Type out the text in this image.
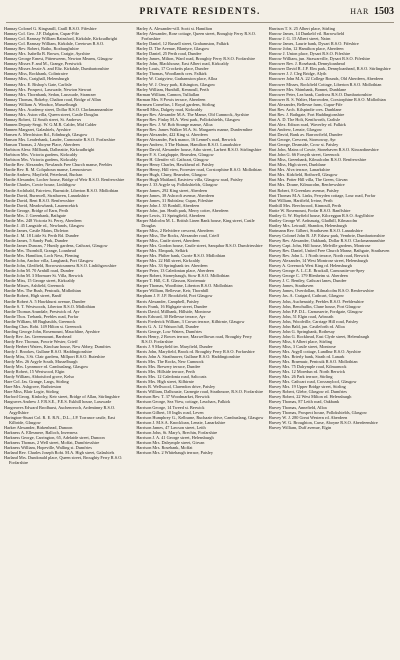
PRIVATE RESIDENTS.	HAR 1503

Hannay Colonel G. Kingsmill, Craill R.S.O. Fifeshire

Hannay Col. Geo. J.F. Dalgairn, Cupar-Fife

Hannay Col. Ramsay William Rainsford, Kirkdale, Kirkcudbright

Hannay Col. Ramsay William, Kirkdale, Creetown R.S.O.

Hannay Rev. Robert, Ratho, Roxburghshire

Hannay Mrs. Isabella B. Brown, Craigie, Ayrshire

Hannay George Ernest, Pittenweem, Newton Mearns, Glasgow

Hannay Misses F. and M., Grange, Prestwick

Hannay Misses Jessie A. and Eliz. Kirkdale, Dumbartonshire

Hannay Miss, Rockbank, Colintraive

Hannay Miss, Craighall, Helensburgh

Hannay Mrs. E. Bishop's Gate, Carlisle

Hannay Mrs. Prospect, Lasswade, Newton Stewart

Hannay Mrs. Thornbank, Sedan, Lasswade, Stranraer

Hannay Thomas, Rokeby, Chalton road, Bridge of Allan

Hannay William A. Windsor, Musselburgh

Hannay Mrs. Academy street, Dollar R.S.O. Clackmannanshire

Hannay Mrs. Aston villa, Queen street, Castle Douglas

Hannay Robert, 12 South street, St. Andrews

Hannen Deputy-Sergt. W. G.M.R. Calder, Mid Calder

Hannen Margaret, Galashiels, Ayrshire

Hansen A. Merchiston Rd., Edinburgh, Glasgow

Hanson Mrs. Leaderbank, Lauder, Carnoustie R.S.O. Forfarshire

Hanson Thomas, 2 Aboyne Place, Aberdeen

Harbison Alexr. Millbank, Dalbeattie, Kirkcudbright

Harbison Mrs. Victoria gardens, Kirkcaldy

Harbison Mrs. Victoria gardens, Kirkcaldy

Hardie Rev. Alexander, Newlands Free Church manse, Peebles

Hardie Rev. R. M. Colquhoun manse, Lennoxtown

Hardie Andrew, Mayfield, Peterhead, Buchan

Hardie Alexander, Locher house, Bridge of Weir R.S.O. Renfrewshire

Hardie Charles, Cowie house, Linlithgow

Hardie Archibald, Fairview, Burnside, Liberton R.S.O. Midlothian

Hardie David, Burnwell, Strathaven, Lanarkshire

Hardie David, Bent R.S.O. Renfrewshire

Hardie David, Meadowbank, Laurencekirk

Hardie George, Bridge of Earn, Perth

Hardie Mrs. J. Greenbank, Bathgate

Hardie Mrs. 248 Victoria St. Perry, Aberdeen

Hardie J. 45 Langside rd., Newlands, Glasgow

Hardie James, Castle Mains, Dirleton

Hardie J. M. 18 Little St. Perth Rd. Dundee

Hardie James, 5 Sandy Park, Dundee

Hardie James Duncan, 7 Huntly gardens, Cathcart, Glasgow

Hardie Mrs. Thornhill, Grange, Loanhead

Hardie Mrs. Hamilton, Loch Ness, Fleming

Hardie John, Anchor villa, Langbank, Port Glasgow

Hardie John, Gledfield, Borrowstounness R.S.O. Linlithgowshire

Hardie John M. 70 Arnhill road, Dundee

Hardie John M. 3 Mormaer St. Villa, Berwick

Hardie Miss, 15 George street, Kirkcaldy

Hardie Misses, Ashfield, Greenock

Hardie Mrs. The Bush, Penicuik, Midlothian

Hardie Robert, High street, Banff

Hardie Robert A. 5 Hawkhurst avenue, Dundee

Hardie S. T. Westwoods, Liberton R.S.O. Midlothian

Hardie Thomas Arundale, Prestwick rd. Ayr

Hardie Thos. Trebank, Peebles road, Forfar

Hardie William, 68 Bughaulds, Greenock

Harding Chas. Robt. 149 Hilton st. Greenock

Harding George John, Rosemount, Mauchline, Ayrshire

Hardy Rev. Jas. Greenmount, Barrhead

Hardy Rev. Thomas, Powrie Wester, Crieff

Hardy Herbert Waters, Kincluar house, New Abbey, Dumfries

Hardy J. Brookes, Gullane R.S.O. Haddingtonshire

Hardy Miss, 3 St. Clair gardens, Millport R.S.O. Buteshire

Hardy Mrs. 26 Argyle South, Musselburgh

Hardy Mrs. Lynnmore rd. Cambuslang, Glasgow

Hardy Robert, 15 Westwood, Elgin

Hardy William, Abbotsford grove, Kelso

Hare Col. Jas. Grange, Largs, Stirling

Hare Mrs. Ashgrove, Ruthrieston

Hare Miss, Blair Logie, Stirling

Harford Georg. Kinlochy, Keir street, Bridge of Allan, Stirlingshire

Hargraves Andrew J. F.R.S.E., F.E.S. Eskhill house, Lasswade

Hargreaves Edward Brodhurst, Auchenreoch, Ardentinny R.S.O. Argyllshire

Harington-Stuart Col. R. E. R.N., D.L., J.P. Torrance castle, East Kilbride, Glasgow

Harker Alexander, Birkenhead, Dunoon

Harkness A. Ellesmere, Balloch, Inverness

Harkness George, Carrington, 65, Adelaide street, Dunoon

Harkness Thomas, 2 Well street, Moffat, Dumfriesshire

Harkness William, Hopeville, Walling st. Dumfries

Harland Rev. Charles Joseph Robt. M.A. High street, Galashiels

Harland Mrs. Dundonald place, Queen street, Broughty Ferry R.S.O. Forfarshire

Harley A. Alexander-vill. Scott st. Hamilton

Harley Alexander, Rose cottage, Queen street, Broughty Ferry R.S.O. Forfarshire

Harley Daniel, 12 Russell street, Grahamston, Falkirk

Harley D. The Avenue, Blantyre, Glasgow

Harley Daniel, 25 Perth road, Dundee

Harley James, Milton, Ward road, Broughty Ferry R.S.O. Forfarshire

Harley John, Blackhouse, East Albert road, Kirkcaldy

Harley Louis, 17 Crocketts place, Dundee

Harley Thomas, Woodlands cres. Falkirk

Harley W. Craigview, Grahamston place, Alloa

Harley W. J. Oswy park, Kilsington, Glasgow

Harley William, Hunthill, Kennoull, Perth

Harman William, Cannon, Tulliallan

Harman Mrs. 8 Powis terrace, Aberdeen

Harmsen Cornelius, 1 Royal gardens, Stirling

Harnell Miss, Dalgety road, Kirkcaldy

Harper Rev. Alexander M.A. The Manse, Old Cumnock, Ayrshire

Harper Rev. Finlay M.A. West park, Pollokshields, Glasgow

Harper Rev. J. W. Bob Strange manse, Alloa

Harper Rev. James Walker M.A. St. Margarets manse, Dunfermline

Harper Alexander, 422 King st. Aberdeen

Harper Alexander, Park manor, 16 Lennel's road, Berwick

Harper Andrew, 3 The Hainan, Hamilton R.S.O. Lanarkshire

Harper David, Alexander house, Atho street, Larbert R.S.O. Stirlingshire

Harper F. S. Craiglappie, Bearsden, Glasgow

Harper H. Glenifer vil. Cathcart, Glasgow

Harper Henry Charles, Hawkhead rd. Paisley

Harper Henry, Hill view, Forrester road, Corstorphine R.S.O. Midlothian

Harper Hugh, Cluny, Bearsden, Glasgow

Harper Hugh Maitland, Eastview villa, Glasgow road, Paisley

Harper J. 33 Argyle sq. Pollokshields, Glasgow

Harper James, 292 King street, Aberdeen

Harper James, 38 Ashcroft avenue, Aberdeen

Harper James, 31 Rubislaw, Cupar, Fifeshire

Harper John J. 35 Bonhill, Aberdeen

Harper John, jun. Heath park, Merry cotter, Aberdeen

Harper Lewis, 31 Springfield, Aberdeen

Harper Malcolm M. L. British Linen Bank house, King street, Castle Douglas

Harper Miss, 2 Belvidere crescent, Aberdeen

Harper Miss, The Rocks, Alexander road, Crieff

Harper Miss, Castle street, Aberdeen

Harper Mrs. Gordon house, Castle street, Sanquhar R.S.O. Dumfriesshire

Harper Mrs. Elmpark, Selkirk

Harper Mrs. Philter bank, Currie R.S.O. Midlothian

Harper Mrs. 22 Hill street, Kirkcaldy

Harper Mrs. 33 Springbank ter. Aberdeen

Harper Peter, 13 Caledonian place, Aberdeen

Harper Robert, Stoneyhaugh, Stow R.S.O. Midlothian

Harper T. Hill, C.E. Glasson, Kirriemuir

Harper Thomas, Woodbine, Liberton R.S.O. Midlothian

Harper William, Bellevue, Keir, Thornhill

Harpham J. F. J.P. Brookfield, Port Glasgow

Harris Alexander, Campbell, Paisley

Harris Frank, 16 Highgate street, Dundee

Harris David, Millbank, Hillside, Montrose

Harris Edward, 30 Bellevue terrace, Ayr

Harris Frederick William, 3 Crown terrace, Kilbirnie, Glasgow

Harris G. A. 12 Watson hill, Dundee

Harris George, Low Waters, Dumfries

Harris Henry, 2 Bowes terrace, Maxwelltown road, Broughty Ferry R.S.O. Forfarshire

Harris J. 9 Maryfield ter. Maryfield, Dundee

Harris John, Maryfield, Brook rd. Broughty Ferry R.S.O. Forfarshire

Harris John A. Strathnaver, Gullane R.S.O. Haddingtonshire

Harris Mrs. The Rocks, New Cumnock

Harris Mrs. Brewery terrace, Dundee

Harris Mrs. Hillside terrace, Perth

Harris Mrs. 12 Caledonia road, Saltcoats

Harris Mrs. High street, Kilbirnie

Harris R. Wellwood, Clarendon drive, Paisley

Harris William, Dalhousie, Carnegie road, Strathmore, R.S.O. Forfarshire

Harrison Rev. T. 37 Woodmarket, Berwick

Harrison George, Sea View, cottage, Leuchars, Falkirk

Harrison George, 14 Tweed st. Berwick

Harrison Gilbert, 10 Inglis road, Leven

Harrison Humphrey G., Kelburne, Ruchazie drive, Cambuslang, Glasgow

Harrison J. M.S.A. Knockloan, Lenzie, Lanarkshire

Harrison James, 47 Lawson street, Leith

Harrison John, St. Mary's, Brechin, Forfarshire

Harrison J. A. 41 George street, Helensburgh

Harrison Mrs. Dalrymple street, Girvan

Harrison Mrs. Rosebank, Moffat

Harrison Mrs. 2 Whitehaugh terrace, Paisley

Harrison T. S. 25 Albert place, Stirling

Harrow James, 14 Dunkeld vil. Barrowfield

Harrow J. G. 15 Albert street, Nairn

Harrow James, Laurie bank, Dysart R.S.O. Fifeshire

Harrow John, 12 Hamilton place, Aberdeen

Harrow J. Union place, Dysart R.S.O. Fifeshire

Harrow William, jun. Strawarville, Dysart R.S.O. Fifeshire

Harrower Rev. J. Rosebank, Dennyloanhead

Harrower David R. J.P. Elm park, Dennyloanhead, R.S.O. Stirlingshire

Harrower J. J. Cleg Bridge, Alyth

Harrower John M.A. 22 College Bounds, Old Aberdeen, Aberdeen

Harrower Misses, Rockfield Cottage, Liberton R.S.O. Midlothian

Harrower Mrs. Shimbank, Bonnet, Dunblane

Harrower Peter, Lea bank, Cardross R.S.O. Dumbartonshire

Harrower R. S. Walter, Harrowden, Corstorphine R.S.O. Midlothian

Hart Alexander, Bellevue farm, Cupar-Fife

Hart Rev. Arch. Kilspindie cres. Dunblane

Hart Rev. J. Bathgate, Fort Haddingtonshire

Hart A. D. The Holt, Kenilworth, Carlisle

Hart Alex. Edison road, Waverley rd. Falkirk

Hart Andrew, Lenzie, Glasgow

Hart David, Bank av. Barrowfield, Dundee

Hart George, Crescent, Stornoway, Ayr

Hart George, Deanside, Crow st. Paisley

Hart John, Mains of Cowie, Stonehaven R.S.O. Kincardineshire

Hart John G. 66 Forsyth street, Greenock

Hart Miss, Greenbank, Kilmalcolm R.S.O. Renfrewshire

Hart Miss, High street, Dunblane

Hart Mrs. Alva terrace, Lanarkshire

Hart Mrs. Kirkfield, Bothwell, Glasgow

Hart Mrs. Potter Hill villa, The Green, Girvan

Hart Mrs. Doune, Kilmacolm, Renfrewshire

Hart Robert, 8 Greenlaw avenue, Paisley

Hart Thomas M.A. Links, Ferryden cottage, Lour road, Forfar

Hart William, Hartfield, Irvine, Perth

Harthill Mrs. Beechwood, Kinnoull, Perth

Hartie W. Rosemount, Forfar R.S.O. Banffshire

Hartley G. W. Hayfield house, Kilcreggan R.S.O. Argyllshire

Hartley George W. Ardnasaig, Gladhill, Kilmacolm

Hartley Mrs. Letraulf, Shandon, Helensburgh

Hartmann Rev. Gilbert, Strathaven R.S.O. Lanarkshire

Harvey Colonel John B. J.P. Eshaw park, Vembrie, Dumbartonshire

Harvey Rev. Alexander, Oakbank, Dollar R.S.O. Clackmannanshire

Harvey Capt. John, Hill house, Melville gardens, Montrose

Harvey Rev. Daniel, United Free Church Manse, Bathgate, Strathaven

Harvey Rev. John L. 1 North terrace, North road, Berwick

Harvey Alexander, 14 West Montrose street, Helensburgh

Harvey A. Greenock West King rd. Helensburgh

Harvey George A. L.C.E. Brackall, Carnoustie-on-Spey

Harvey George C. 179 Blenheim st. Aberdeen

Harvey J. C. Bentley, Cathcart lanes, Dundee

Harvey James, Strathaven

Harvey James, Overdollan, Kilmalcolm R.S.O. Renfrewshire

Harvey Jas. A. Craigard, Cathcart, Glasgow

Harvey John, Auchenairly, Peebles R.S.O. Peeblesshire

Harvey John, Benchullin, Clune house, Port Glasgow

Harvey John F.P. D.L. Carnasserie, Fordgate, Glasgow

Harvey John, 51 Elgin road, Arbroath

Harvey John, Woodville, Carriage Hill road, Paisley

Harvey John Bald, jun. Castleforth rd. Alloa

Harvey John G. Springbank, Rothesay

Harvey John G. Rockhead, East Clyde street, Helensburgh

Harvey Miss, 6 Albert place, Stirling

Harvey Miss, 3 Castle street, Montrose

Harvey Mrs. Argyll cottage, Lundhur R.S.O. Ayrshire

Harvey Mrs. Brierly bank, Strath rd. Lanark

Harvey Mrs. Braemuir, Penicuik R.S.O. Midlothian

Harvey Mrs. 75 Dalrymple road, Kilmarnock

Harvey Mrs. 12 Moredun rd. North Berwick

Harvey Mrs. 26 Park terrace, Stirling

Harvey Mrs. Cathcart road, Crossmyloof, Glasgow

Harvey Mrs. 19 Upper Bridge street, Stirling

Harvey Robert, Glebe, Glasgow rd. Dumfries

Harvey Robert, 22 West Milton rd. Helensburgh

Harvey Thomas, 87 Leith road, Oakbank

Harvey Thomas, Annefield, Alloa

Harvey Thomas, Prospect house, Pollokshields, Glasgow

Harvey W. J. 280 Great Western rd. Aberdeen

Harvey W. G. Broughton, Carse, Aboyne R.S.O. Aberdeenshire

Harvey William, Duff avenue, Elgin
